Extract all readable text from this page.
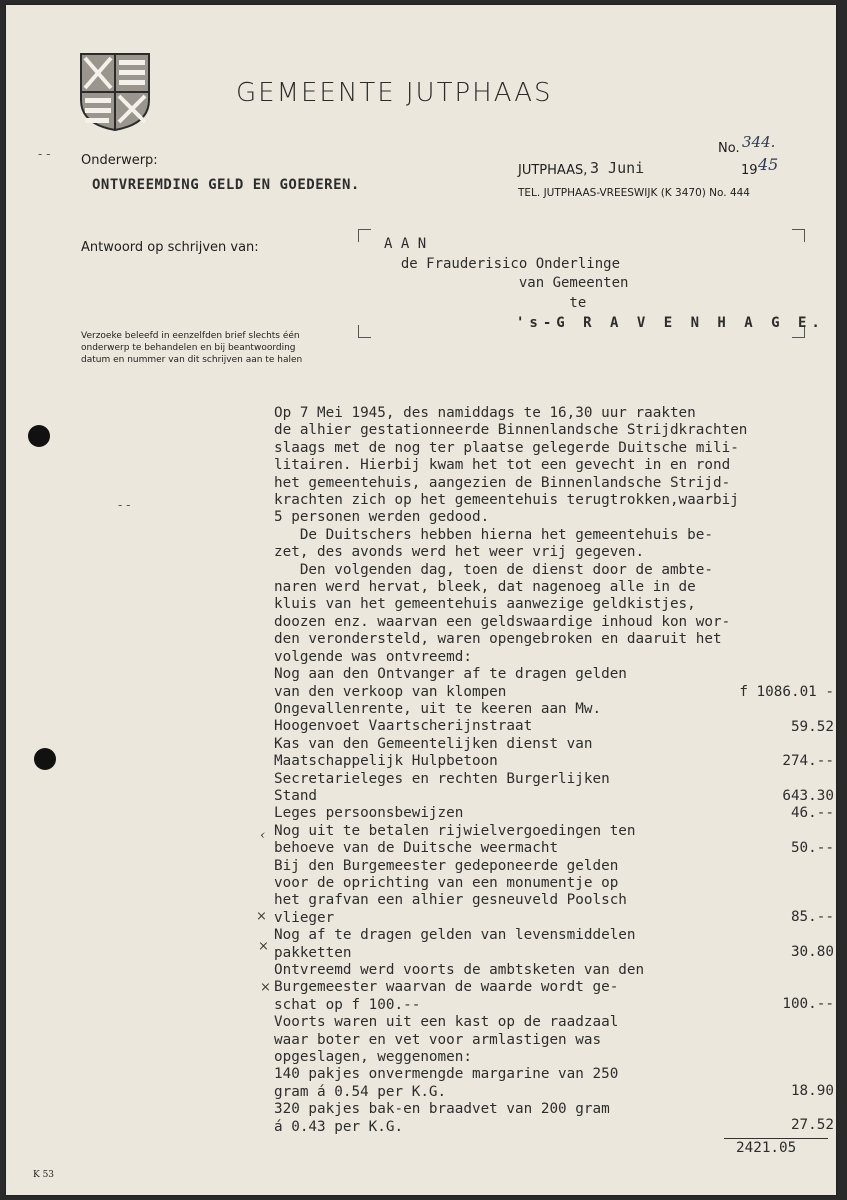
GEMEENTE JUTPHAAS
No. 344.
Onderwerp:
ONTVREEMDING GELD EN GOEDEREN.
JUTPHAAS, 3 Juni	19 45
TEL. JUTPHAAS-VREESWIJK (K 3470) No. 444
Antwoord op schrijven van:
Verzoeke beleefd in eenzelfden brief slechts één onderwerp te behandelen en bij beantwoording datum en nummer van dit schrijven aan te halen
A A N
de Frauderisico Onderlinge
van Gemeenten
te
's-G R A V E N H A G E.
Op 7 Mei 1945, des namiddags te 16,30 uur raakten
de alhier gestationneerde Binnenlandsche Strijdkrachten
slaags met de nog ter plaatse gelegerde Duitsche mili-
litairen. Hierbij kwam het tot een gevecht in en rond
het gemeentehuis, aangezien de Binnenlandsche Strijd-
krachten zich op het gemeentehuis terugtrokken,waarbij
5 personen werden gedood.
De Duitschers hebben hierna het gemeentehuis be-
zet, des avonds werd het weer vrij gegeven.
Den volgenden dag, toen de dienst door de ambte-
naren werd hervat, bleek, dat nagenoeg alle in de
kluis van het gemeentehuis aanwezige geldkistjes,
doozen enz. waarvan een geldswaardige inhoud kon wor-
den verondersteld, waren opengebroken en daaruit het
volgende was ontvreemd:
Nog aan den Ontvanger af te dragen gelden
van den verkoop van klompen
Ongevallenrente, uit te keeren aan Mw.
Hoogenvoet Vaartscherijnstraat
Kas van den Gemeentelijken dienst van
Maatschappelijk Hulpbetoon
Secretarieleges en rechten Burgerlijken
Stand
Leges persoonsbewijzen
Nog uit te betalen rijwielvergoedingen ten
behoeve van de Duitsche weermacht
Bij den Burgemeester gedeponeerde gelden
voor de oprichting van een monumentje op
het grafvan een alhier gesneuveld Poolsch
vlieger
Nog af te dragen gelden van levensmiddelen
pakketten
Ontvreemd werd voorts de ambtsketen van den
Burgemeester waarvan de waarde wordt ge-
schat op f 100.--
Voorts waren uit een kast op de raadzaal
waar boter en vet voor armlastigen was
opgeslagen, weggenomen:
140 pakjes onvermengde margarine van 250
gram á 0.54 per K.G.
320 pakjes bak-en braadvet van 200 gram
á 0.43 per K.G.
f 1086.01 -
59.52
274.--
643.30
46.--
50.--
85.--
30.80
100.--
18.90
27.52
2421.05
- -
- -
‹
×
×
×
K 53
